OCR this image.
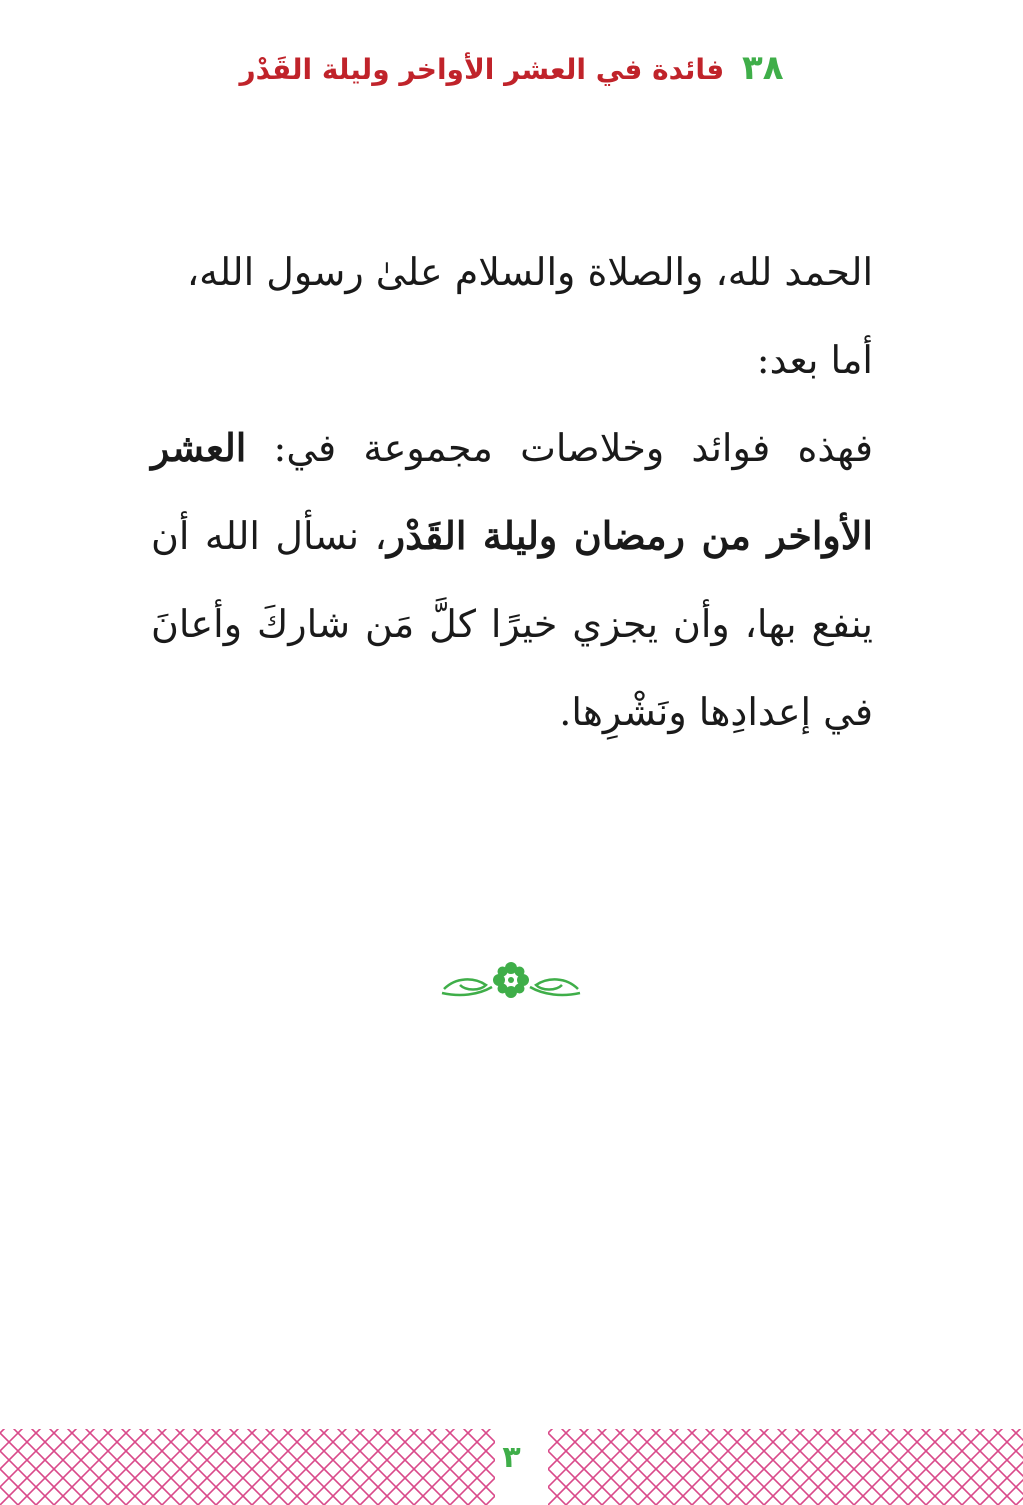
٣٨ فائدة في العشر الأواخر وليلة القَدْر

الحمد لله، والصلاة والسلام علىٰ رسول الله،

أما بعد:

فهذه فوائد وخلاصات مجموعة في: العشر الأواخر من رمضان وليلة القَدْر، نسأل الله أن ينفع بها، وأن يجزي خيرًا كلَّ مَن شاركَ وأعانَ في إعدادِها ونَشْرِها.

٣
